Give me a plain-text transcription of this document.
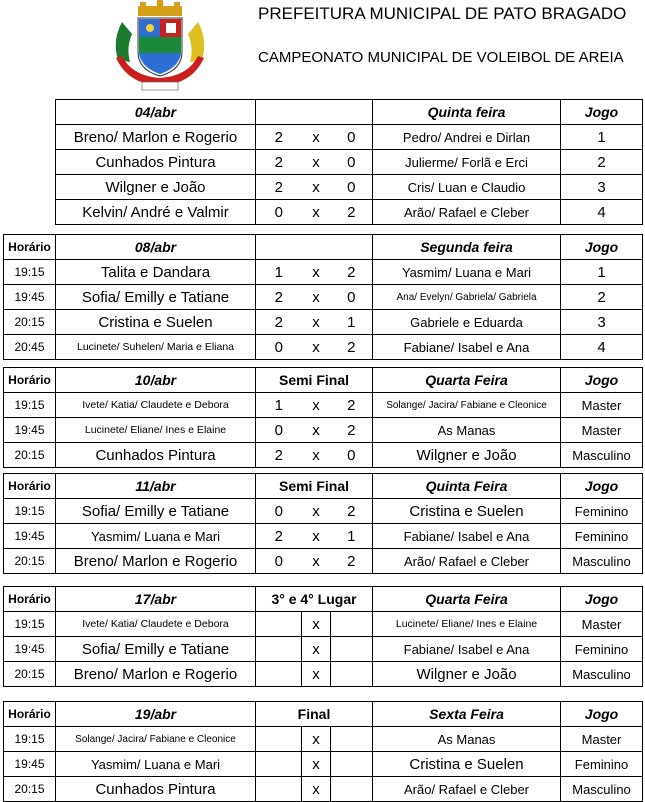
PREFEITURA MUNICIPAL DE PATO BRAGADO
CAMPEONATO MUNICIPAL DE VOLEIBOL DE AREIA
04/abr				Quinta feira	Jogo
Breno/ Marlon e Rogerio	2	x	0	Pedro/ Andrei e Dirlan	1
Cunhados Pintura	2	x	0	Julierme/ Forlã e Erci	2
Wilgner e João	2	x	0	Cris/ Luan e Claudio	3
Kelvin/ André e Valmir	0	x	2	Arão/ Rafael e Cleber	4
Horário	08/abr				Segunda feira	Jogo
19:15	Talita e Dandara	1	x	2	Yasmim/ Luana e Mari	1
19:45	Sofia/ Emilly e Tatiane	2	x	0	Ana/ Evelyn/ Gabriela/ Gabriela	2
20:15	Cristina e Suelen	2	x	1	Gabriele e Eduarda	3
20:45	Lucinete/ Suhelen/ Maria e Eliana	0	x	2	Fabiane/ Isabel e Ana	4
Horário	10/abr	Semi Final			Quarta Feira	Jogo
19:15	Ivete/ Katia/ Claudete e Debora	1	x	2	Solange/ Jacira/ Fabiane e Cleonice	Master
19:45	Lucinete/ Eliane/ Ines e Elaine	0	x	2	As Manas	Master
20:15	Cunhados Pintura	2	x	0	Wilgner e João	Masculino
Horário	11/abr	Semi Final			Quinta Feira	Jogo
19:15	Sofia/ Emilly e Tatiane	0	x	2	Cristina e Suelen	Feminino
19:45	Yasmim/ Luana e Mari	2	x	1	Fabiane/ Isabel e Ana	Feminino
20:15	Breno/ Marlon e Rogerio	0	x	2	Arão/ Rafael e Cleber	Masculino
Horário	17/abr	3° e 4° Lugar			Quarta Feira	Jogo
19:15	Ivete/ Katia/ Claudete e Debora		x		Lucinete/ Eliane/ Ines e Elaine	Master
19:45	Sofia/ Emilly e Tatiane		x		Fabiane/ Isabel e Ana	Feminino
20:15	Breno/ Marlon e Rogerio		x		Wilgner e João	Masculino
Horário	19/abr	Final			Sexta Feira	Jogo
19:15	Solange/ Jacira/ Fabiane e Cleonice		x		As Manas	Master
19:45	Yasmim/ Luana e Mari		x		Cristina e Suelen	Feminino
20:15	Cunhados Pintura		x		Arão/ Rafael e Cleber	Masculino
